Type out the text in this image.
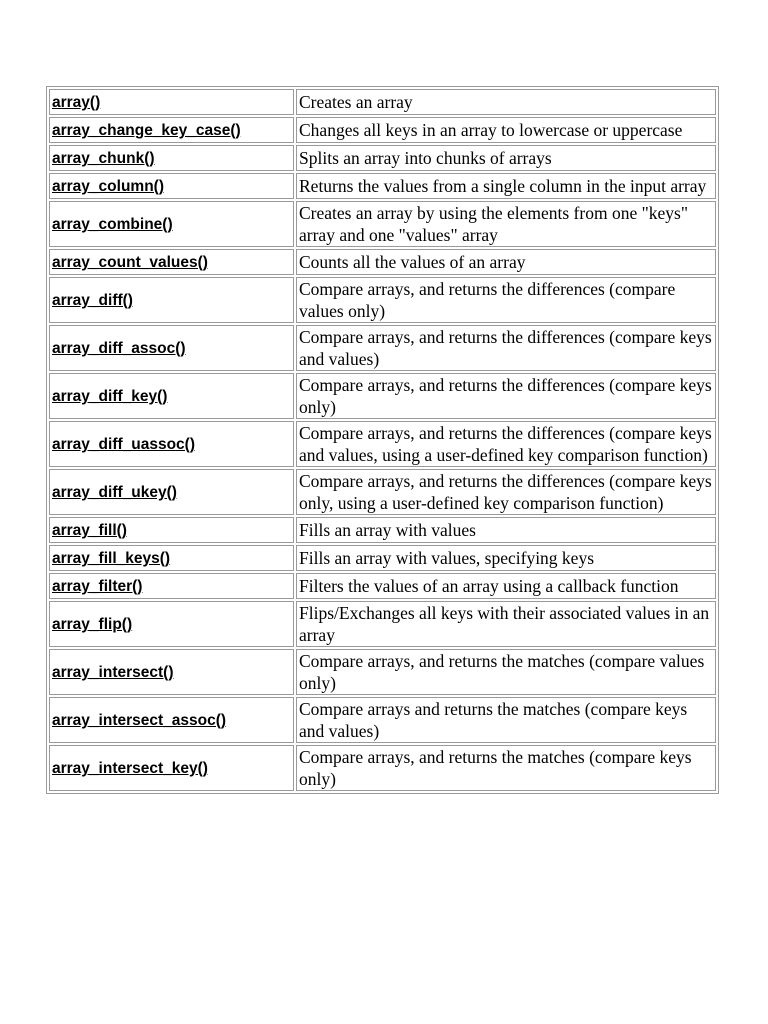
array()	Creates an array
array_change_key_case()	Changes all keys in an array to lowercase or uppercase
array_chunk()	Splits an array into chunks of arrays
array_column()	Returns the values from a single column in the input array
array_combine()	Creates an array by using the elements from one "keys" array and one "values" array
array_count_values()	Counts all the values of an array
array_diff()	Compare arrays, and returns the differences (compare values only)
array_diff_assoc()	Compare arrays, and returns the differences (compare keys and values)
array_diff_key()	Compare arrays, and returns the differences (compare keys only)
array_diff_uassoc()	Compare arrays, and returns the differences (compare keys and values, using a user-defined key comparison function)
array_diff_ukey()	Compare arrays, and returns the differences (compare keys only, using a user-defined key comparison function)
array_fill()	Fills an array with values
array_fill_keys()	Fills an array with values, specifying keys
array_filter()	Filters the values of an array using a callback function
array_flip()	Flips/Exchanges all keys with their associated values in an array
array_intersect()	Compare arrays, and returns the matches (compare values only)
array_intersect_assoc()	Compare arrays and returns the matches (compare keys and values)
array_intersect_key()	Compare arrays, and returns the matches (compare keys only)
